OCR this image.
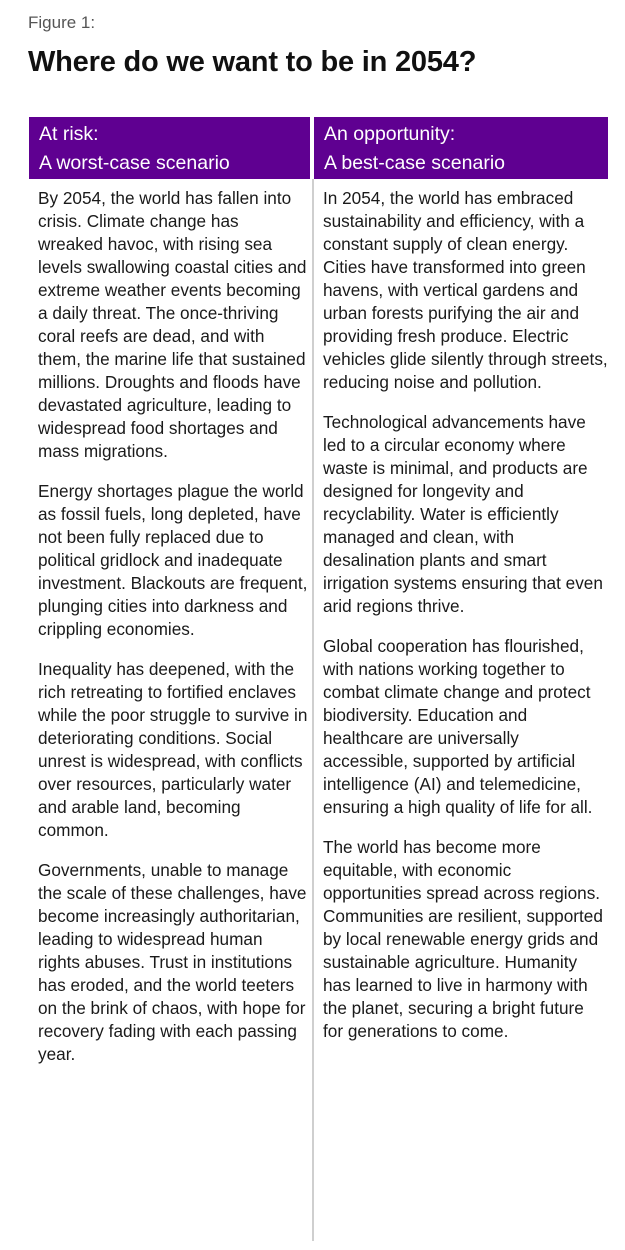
Figure 1:
Where do we want to be in 2054?
At risk:
A worst-case scenario
An opportunity:
A best-case scenario

By 2054, the world has fallen into crisis. Climate change has wreaked havoc, with rising sea levels swallowing coastal cities and extreme weather events becoming a daily threat. The once-thriving coral reefs are dead, and with them, the marine life that sustained millions. Droughts and floods have devastated agriculture, leading to widespread food shortages and mass migrations.

Energy shortages plague the world as fossil fuels, long depleted, have not been fully replaced due to political gridlock and inadequate investment. Blackouts are frequent, plunging cities into darkness and crippling economies.

Inequality has deepened, with the rich retreating to fortified enclaves while the poor struggle to survive in deteriorating conditions. Social unrest is widespread, with conflicts over resources, particularly water and arable land, becoming common.

Governments, unable to manage the scale of these challenges, have become increasingly authoritarian, leading to widespread human rights abuses. Trust in institutions has eroded, and the world teeters on the brink of chaos, with hope for recovery fading with each passing year.

In 2054, the world has embraced sustainability and efficiency, with a constant supply of clean energy. Cities have transformed into green havens, with vertical gardens and urban forests purifying the air and providing fresh produce. Electric vehicles glide silently through streets, reducing noise and pollution.

Technological advancements have led to a circular economy where waste is minimal, and products are designed for longevity and recyclability. Water is efficiently managed and clean, with desalination plants and smart irrigation systems ensuring that even arid regions thrive.

Global cooperation has flourished, with nations working together to combat climate change and protect biodiversity. Education and healthcare are universally accessible, supported by artificial intelligence (AI) and telemedicine, ensuring a high quality of life for all.

The world has become more equitable, with economic opportunities spread across regions. Communities are resilient, supported by local renewable energy grids and sustainable agriculture. Humanity has learned to live in harmony with the planet, securing a bright future for generations to come.
